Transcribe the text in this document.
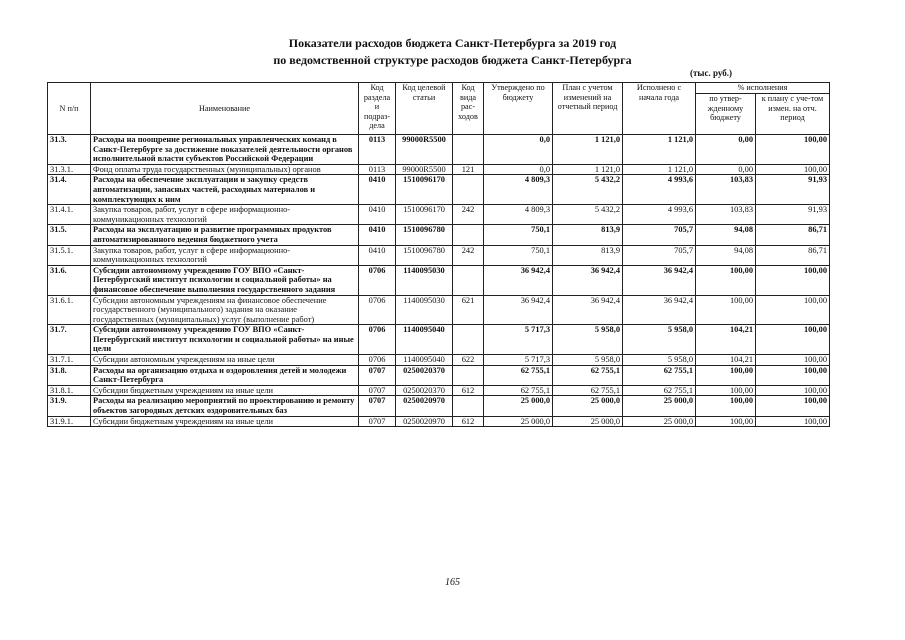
Показатели расходов бюджета Санкт-Петербурга за 2019 год
по ведомственной структуре расходов бюджета Санкт-Петербурга
(тыс. руб.)
N п/п	Наименование	Код раздела и подраз-дела	Код целевой статьи	Код вида рас-ходов	Утверждено по бюджету	План с учетом изменений на отчетный период	Исполнено с начала года	% исполнения	
								по утвер-жденному бюджету	к плану с уче-том измен. на отч. период
31.3.	Расходы на поощрение региональных управленческих команд в Санкт-Петербурге за достижение показателей деятельности органов исполнительной власти субъектов Российской Федерации	0113	99000R5500		0,0	1 121,0	1 121,0	0,00	100,00
31.3.1.	Фонд оплаты труда государственных (муниципальных) органов	0113	99000R5500	121	0,0	1 121,0	1 121,0	0,00	100,00
31.4.	Расходы на обеспечение эксплуатации и закупку средств автоматизации, запасных частей, расходных материалов и комплектующих к ним	0410	1510096170		4 809,3	5 432,2	4 993,6	103,83	91,93
31.4.1.	Закупка товаров, работ, услуг в сфере информационно-коммуникационных технологий	0410	1510096170	242	4 809,3	5 432,2	4 993,6	103,83	91,93
31.5.	Расходы на эксплуатацию и развитие программных продуктов автоматизированного ведения бюджетного учета	0410	1510096780		750,1	813,9	705,7	94,08	86,71
31.5.1.	Закупка товаров, работ, услуг в сфере информационно-коммуникационных технологий	0410	1510096780	242	750,1	813,9	705,7	94,08	86,71
31.6.	Субсидии автономному учреждению ГОУ ВПО «Санкт-Петербургский институт психологии и социальной работы» на финансовое обеспечение выполнения государственного задания	0706	1140095030		36 942,4	36 942,4	36 942,4	100,00	100,00
31.6.1.	Субсидии автономным учреждениям на финансовое обеспечение государственного (муниципального) задания на оказание государственных (муниципальных) услуг (выполнение работ)	0706	1140095030	621	36 942,4	36 942,4	36 942,4	100,00	100,00
31.7.	Субсидии автономному учреждению ГОУ ВПО «Санкт-Петербургский институт психологии и социальной работы» на иные цели	0706	1140095040		5 717,3	5 958,0	5 958,0	104,21	100,00
31.7.1.	Субсидии автономным учреждениям на иные цели	0706	1140095040	622	5 717,3	5 958,0	5 958,0	104,21	100,00
31.8.	Расходы на организацию отдыха и оздоровления детей и молодежи Санкт-Петербурга	0707	0250020370		62 755,1	62 755,1	62 755,1	100,00	100,00
31.8.1.	Субсидии бюджетным учреждениям на иные цели	0707	0250020370	612	62 755,1	62 755,1	62 755,1	100,00	100,00
31.9.	Расходы на реализацию мероприятий по проектированию и ремонту объектов загородных детских оздоровительных баз	0707	0250020970		25 000,0	25 000,0	25 000,0	100,00	100,00
31.9.1.	Субсидии бюджетным учреждениям на иные цели	0707	0250020970	612	25 000,0	25 000,0	25 000,0	100,00	100,00
165
